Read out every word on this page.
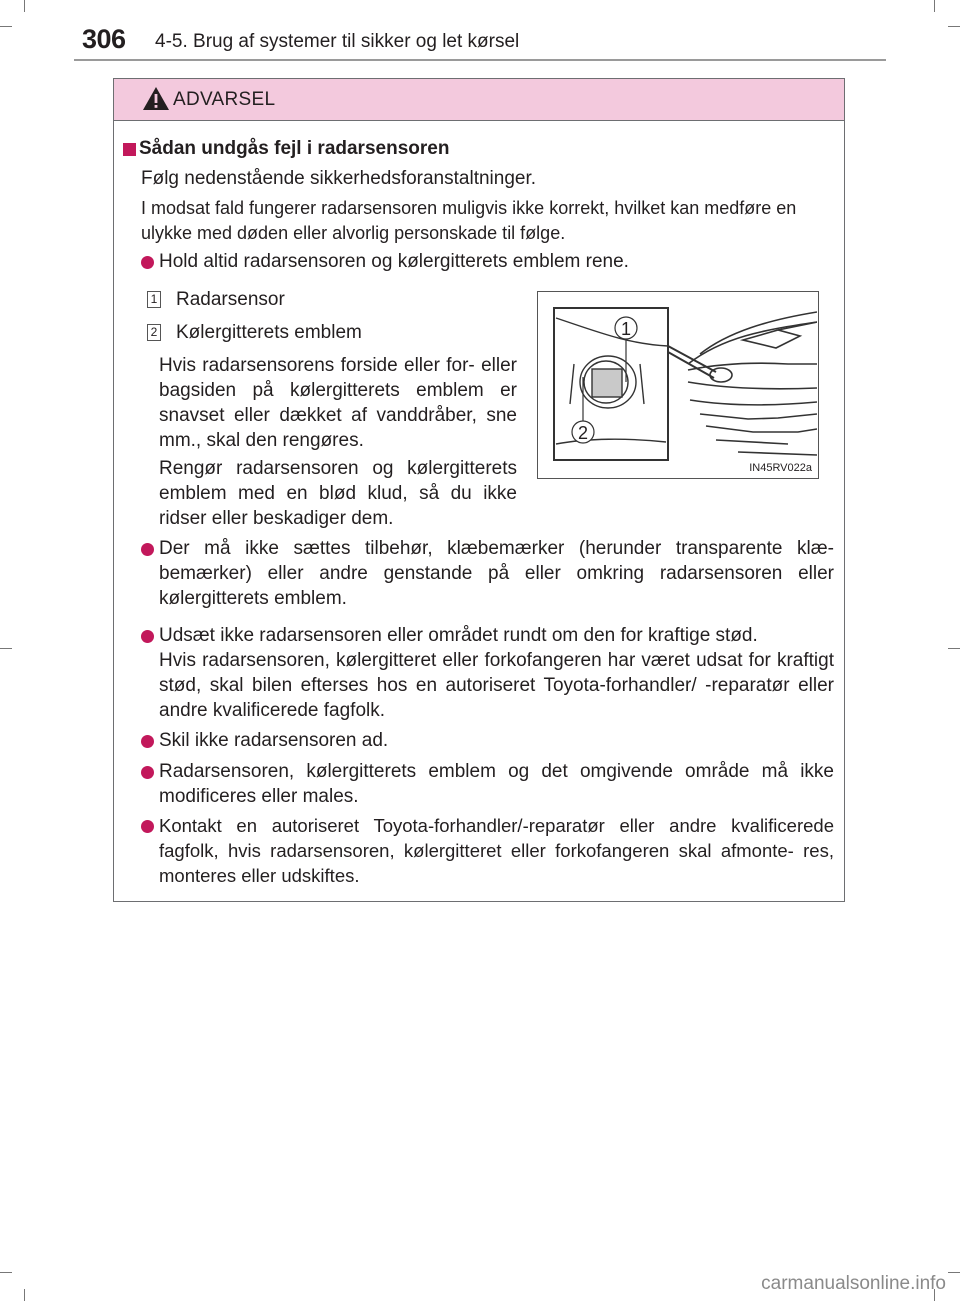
306 4-5. Brug af systemer til sikker og let kørsel
ADVARSEL
Sådan undgås fejl i radarsensoren
Følg nedenstående sikkerhedsforanstaltninger.
I modsat fald fungerer radarsensoren muligvis ikke korrekt, hvilket kan medføre en ulykke med døden eller alvorlig personskade til følge.
Hold altid radarsensoren og kølergitterets emblem rene.
1 Radarsensor
2 Kølergitterets emblem
Hvis radarsensorens forside eller for- eller bagsiden på kølergitterets emblem er snavset eller dækket af vanddråber, sne mm., skal den rengøres.
Rengør radarsensoren og kølergitterets emblem med en blød klud, så du ikke ridser eller beskadiger dem.
Der må ikke sættes tilbehør, klæbemærker (herunder transparente klæ- bemærker) eller andre genstande på eller omkring radarsensoren eller kølergitterets emblem.
Udsæt ikke radarsensoren eller området rundt om den for kraftige stød.
Hvis radarsensoren, kølergitteret eller forkofangeren har været udsat for kraftigt stød, skal bilen efterses hos en autoriseret Toyota-forhandler/ -reparatør eller andre kvalificerede fagfolk.
Skil ikke radarsensoren ad.
Radarsensoren, kølergitterets emblem og det omgivende område må ikke modificeres eller males.
Kontakt en autoriseret Toyota-forhandler/-reparatør eller andre kvalificerede fagfolk, hvis radarsensoren, kølergitteret eller forkofangeren skal afmonte- res, monteres eller udskiftes.
1
2
IN45RV022a
carmanualsonline.info
